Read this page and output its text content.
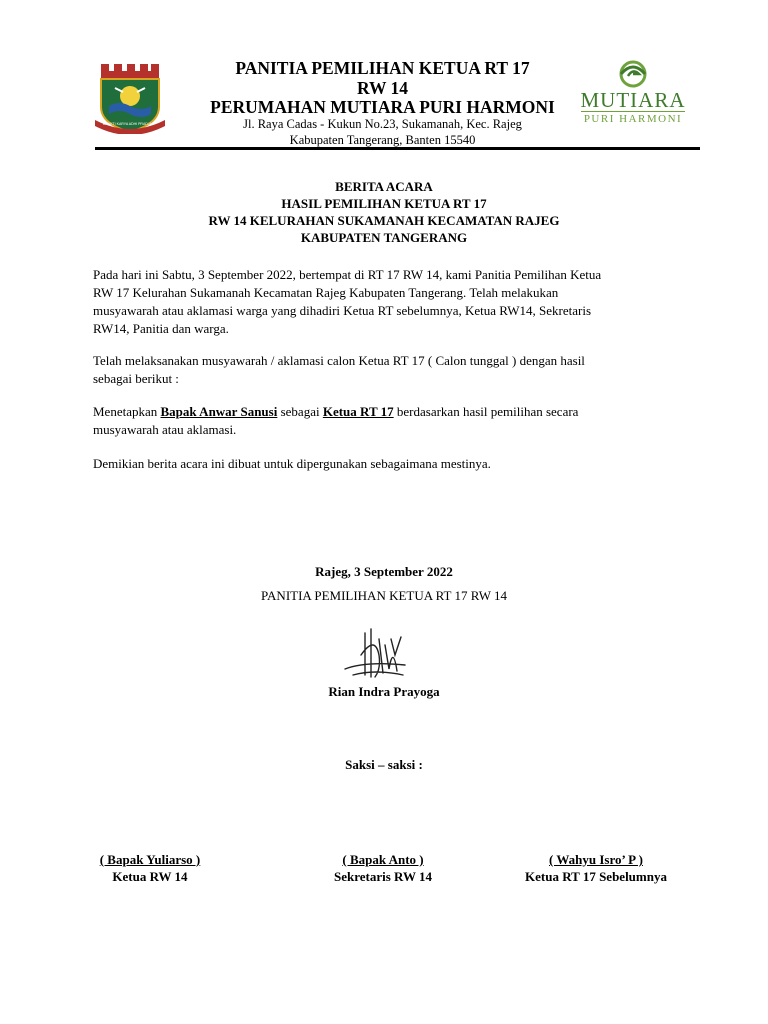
BHAKTI KARYA ADHI PRADJA
MUTIARA
PURI HARMONI
PANITIA PEMILIHAN KETUA RT 17
RW 14
PERUMAHAN MUTIARA PURI HARMONI
Jl. Raya Cadas - Kukun No.23, Sukamanah, Kec. Rajeg
Kabupaten Tangerang, Banten 15540
BERITA ACARA
HASIL PEMILIHAN KETUA RT 17
RW 14 KELURAHAN SUKAMANAH KECAMATAN RAJEG
KABUPATEN TANGERANG
Pada hari ini Sabtu, 3 September 2022, bertempat di RT 17 RW 14, kami Panitia Pemilihan Ketua
RW 17 Kelurahan Sukamanah Kecamatan Rajeg Kabupaten Tangerang. Telah melakukan
musyawarah atau aklamasi warga yang dihadiri Ketua RT sebelumnya, Ketua RW14, Sekretaris
RW14, Panitia dan warga.
Telah melaksanakan musyawarah / aklamasi calon Ketua RT 17 ( Calon tunggal ) dengan hasil
sebagai berikut :
Menetapkan Bapak Anwar Sanusi sebagai Ketua RT 17 berdasarkan hasil pemilihan secara
musyawarah atau aklamasi.
Demikian berita acara ini dibuat untuk dipergunakan sebagaimana mestinya.
Rajeg, 3 September 2022
PANITIA PEMILIHAN KETUA RT 17 RW 14
Rian Indra Prayoga
Saksi – saksi :
( Bapak Yuliarso )
Ketua RW 14
( Bapak Anto )
Sekretaris RW 14
( Wahyu Isro’ P )
Ketua RT 17 Sebelumnya
